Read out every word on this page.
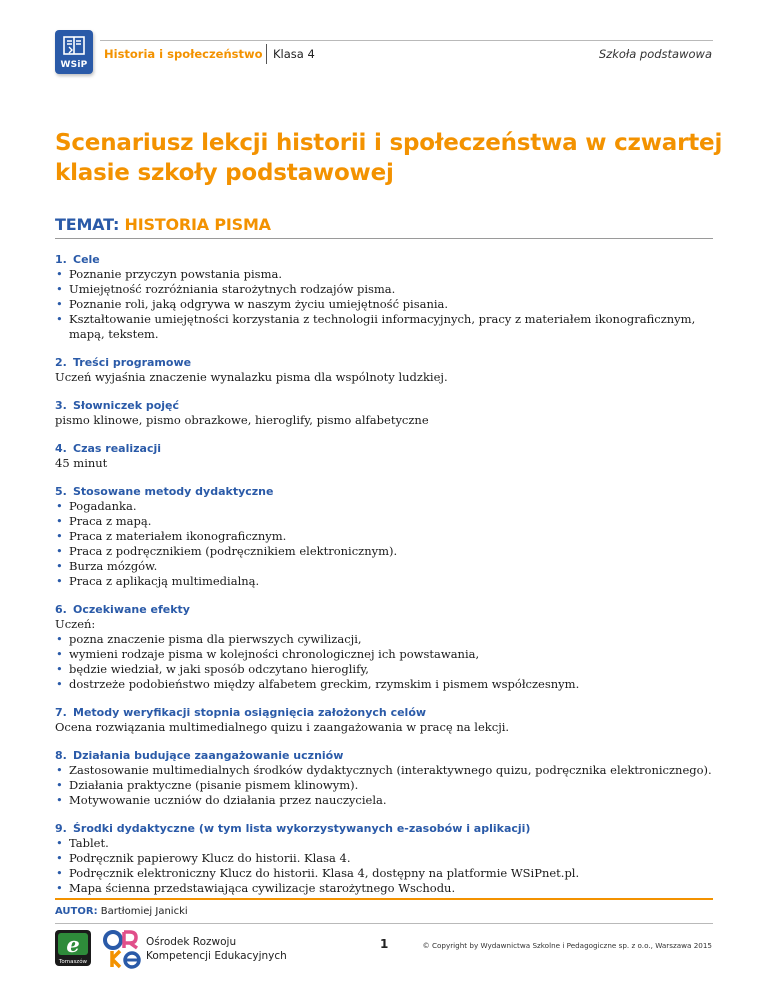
WSiP
Historia i społeczeństwo Klasa 4	Szkoła podstawowa
Scenariusz lekcji historii i społeczeństwa w czwartej klasie szkoły podstawowej
TEMAT: HISTORIA PISMA
1. Cele
• Poznanie przyczyn powstania pisma.
• Umiejętność rozróżniania starożytnych rodzajów pisma.
• Poznanie roli, jaką odgrywa w naszym życiu umiejętność pisania.
• Kształtowanie umiejętności korzystania z technologii informacyjnych, pracy z materiałem ikonograficznym, mapą, tekstem.
2. Treści programowe
Uczeń wyjaśnia znaczenie wynalazku pisma dla wspólnoty ludzkiej.
3. Słowniczek pojęć
pismo klinowe, pismo obrazkowe, hieroglify, pismo alfabetyczne
4. Czas realizacji
45 minut
5. Stosowane metody dydaktyczne
• Pogadanka.
• Praca z mapą.
• Praca z materiałem ikonograficznym.
• Praca z podręcznikiem (podręcznikiem elektronicznym).
• Burza mózgów.
• Praca z aplikacją multimedialną.
6. Oczekiwane efekty
Uczeń:
• pozna znaczenie pisma dla pierwszych cywilizacji,
• wymieni rodzaje pisma w kolejności chronologicznej ich powstawania,
• będzie wiedział, w jaki sposób odczytano hieroglify,
• dostrzeże podobieństwo między alfabetem greckim, rzymskim i pismem współczesnym.
7. Metody weryfikacji stopnia osiągnięcia założonych celów
Ocena rozwiązania multimedialnego quizu i zaangażowania w pracę na lekcji.
8. Działania budujące zaangażowanie uczniów
• Zastosowanie multimedialnych środków dydaktycznych (interaktywnego quizu, podręcznika elektronicznego).
• Działania praktyczne (pisanie pismem klinowym).
• Motywowanie uczniów do działania przez nauczyciela.
9. Środki dydaktyczne (w tym lista wykorzystywanych e-zasobów i aplikacji)
• Tablet.
• Podręcznik papierowy Klucz do historii. Klasa 4.
• Podręcznik elektroniczny Klucz do historii. Klasa 4, dostępny na platformie WSiPnet.pl.
• Mapa ścienna przedstawiająca cywilizacje starożytnego Wschodu.
AUTOR: Bartłomiej Janicki
e
Tomaszów
Ośrodek Rozwoju
Kompetencji Edukacyjnych
1	© Copyright by Wydawnictwa Szkolne i Pedagogiczne sp. z o.o., Warszawa 2015
